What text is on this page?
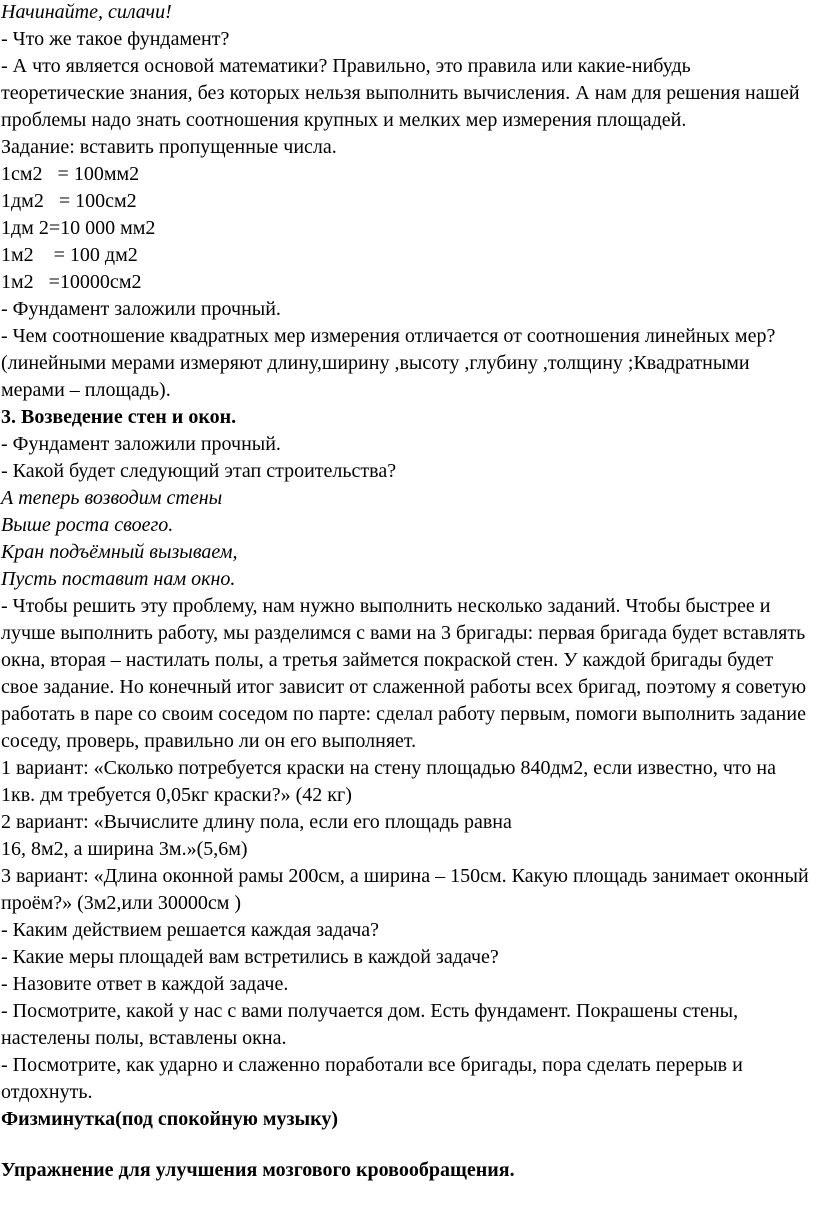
Начинайте, силачи!

- Что же такое фундамент?

- А что является основой математики? Правильно, это правила или какие-нибудь теоретические знания, без которых нельзя выполнить вычисления. А нам для решения нашей проблемы надо знать соотношения крупных и мелких мер измерения площадей.

Задание: вставить пропущенные числа.

1см2   = 100мм2

1дм2   = 100см2

1дм 2=10 000 мм2

1м2    = 100 дм2

1м2   =10000см2

- Фундамент заложили прочный.

- Чем соотношение квадратных мер измерения отличается от соотношения линейных мер?(линейными мерами измеряют длину,ширину ,высоту ,глубину ,толщину ;Квадратными мерами – площадь).

3. Возведение стен и окон.

- Фундамент заложили прочный.

- Какой будет следующий этап строительства?

А теперь возводим стены

Выше роста своего.

Кран подъёмный вызываем,

Пусть поставит нам окно.

- Чтобы решить эту проблему, нам нужно выполнить несколько заданий. Чтобы быстрее и лучше выполнить работу, мы разделимся с вами на 3 бригады: первая бригада будет вставлять окна, вторая – настилать полы, а третья займется покраской стен. У каждой бригады будет свое задание. Но конечный итог зависит от слаженной работы всех бригад, поэтому я советую работать в паре со своим соседом по парте: сделал работу первым, помоги выполнить задание соседу, проверь, правильно ли он его выполняет.

1 вариант: «Сколько потребуется краски на стену площадью 840дм2, если известно, что на 1кв. дм требуется 0,05кг краски?» (42 кг)

2 вариант: «Вычислите длину пола, если его площадь равна

16, 8м2, а ширина 3м.»(5,6м)

3 вариант: «Длина оконной рамы 200см, а ширина – 150см. Какую площадь занимает оконный проём?» (3м2,или 30000см )

- Каким действием решается каждая задача?

- Какие меры площадей вам встретились в каждой задаче?

- Назовите ответ в каждой задаче.

- Посмотрите, какой у нас с вами получается дом. Есть фундамент. Покрашены стены, настелены полы, вставлены окна.

- Посмотрите, как ударно и слаженно поработали все бригады, пора сделать перерыв и отдохнуть.

Физминутка(под спокойную музыку)

Упражнение для улучшения мозгового кровообращения.
